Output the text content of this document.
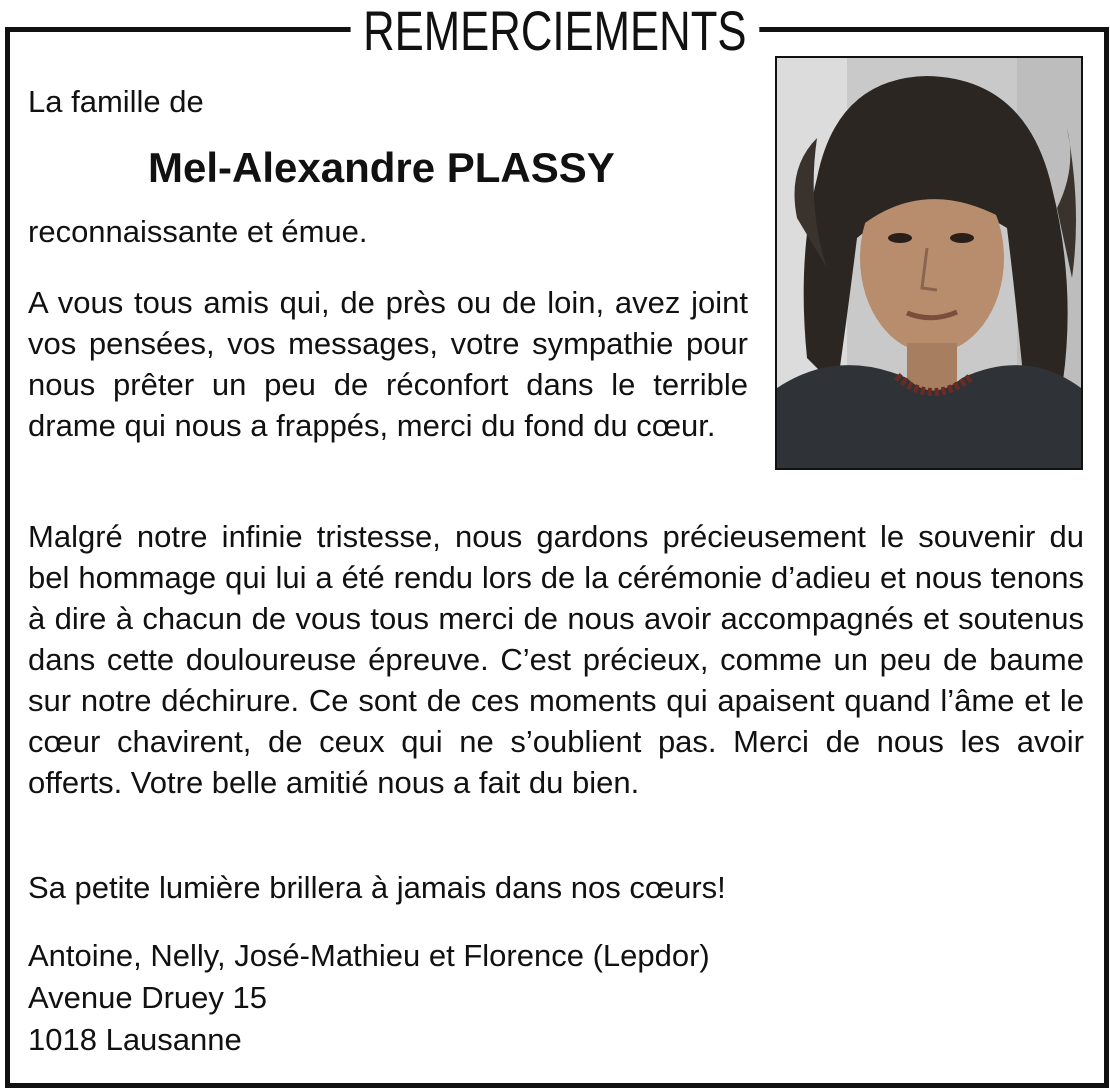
REMERCIEMENTS
La famille de
Mel-Alexandre PLASSY
reconnaissante et émue.
A vous tous amis qui, de près ou de loin, avez joint vos pensées, vos messages, votre sympathie pour nous prêter un peu de réconfort dans le terrible drame qui nous a frappés, merci du fond du cœur.
Malgré notre infinie tristesse, nous gardons précieusement le souvenir du bel hommage qui lui a été rendu lors de la cérémonie d’adieu et nous tenons à dire à chacun de vous tous merci de nous avoir accompagnés et soutenus dans cette douloureuse épreuve. C’est précieux, comme un peu de baume sur notre déchirure. Ce sont de ces moments qui apaisent quand l’âme et le cœur chavirent, de ceux qui ne s’oublient pas. Merci de nous les avoir offerts. Votre belle amitié nous a fait du bien.
Sa petite lumière brillera à jamais dans nos cœurs!
Antoine, Nelly, José-Mathieu et Florence (Lepdor)
Avenue Druey 15
1018 Lausanne
